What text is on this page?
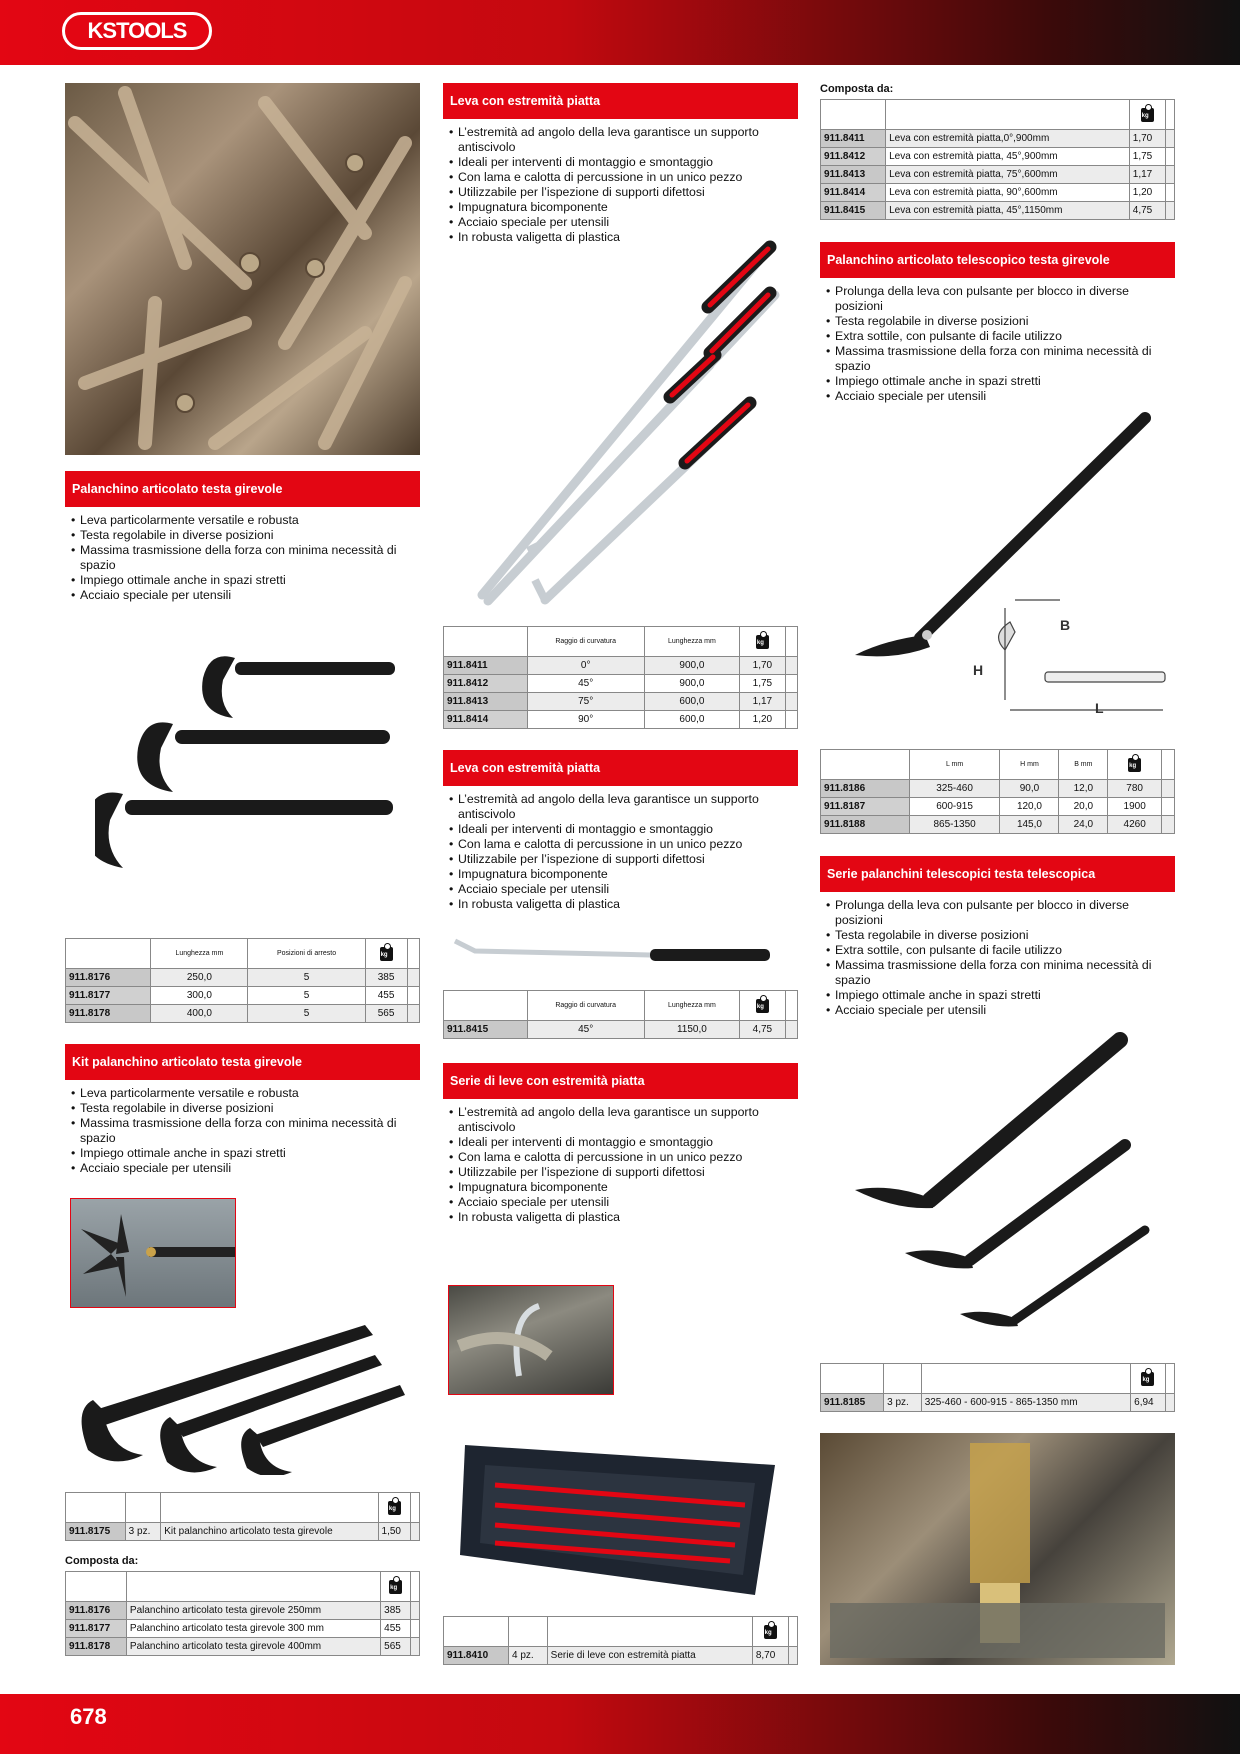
KSTOOLS
Palanchino articolato testa girevole
• Leva particolarmente versatile e robusta
• Testa regolabile in diverse posizioni
• Massima trasmissione della forza con minima necessità di spazio
• Impiego ottimale anche in spazi stretti
• Acciaio speciale per utensili
	Lunghezza mm	Posizioni di arresto	kg	
911.8176	250,0	5	385	
911.8177	300,0	5	455	
911.8178	400,0	5	565	
Kit palanchino articolato testa girevole
• Leva particolarmente versatile e robusta
• Testa regolabile in diverse posizioni
• Massima trasmissione della forza con minima necessità di spazio
• Impiego ottimale anche in spazi stretti
• Acciaio speciale per utensili
			kg	
911.8175	3 pz.	Kit palanchino articolato testa girevole	1,50	
Composta da:
		kg	
911.8176	Palanchino articolato testa girevole 250mm	385	
911.8177	Palanchino articolato testa girevole 300 mm	455	
911.8178	Palanchino articolato testa girevole 400mm	565	
Leva con estremità piatta
• L’estremità ad angolo della leva garantisce un supporto antiscivolo
• Ideali per interventi di montaggio e smontaggio
• Con lama e calotta di percussione in un unico pezzo
• Utilizzabile per l’ispezione di supporti difettosi
• Impugnatura bicomponente
• Acciaio speciale per utensili
• In robusta valigetta di plastica
	Raggio di curvatura	Lunghezza mm	kg	
911.8411	0°	900,0	1,70	
911.8412	45°	900,0	1,75	
911.8413	75°	600,0	1,17	
911.8414	90°	600,0	1,20	
Leva con estremità piatta
• L’estremità ad angolo della leva garantisce un supporto antiscivolo
• Ideali per interventi di montaggio e smontaggio
• Con lama e calotta di percussione in un unico pezzo
• Utilizzabile per l’ispezione di supporti difettosi
• Impugnatura bicomponente
• Acciaio speciale per utensili
• In robusta valigetta di plastica
	Raggio di curvatura	Lunghezza mm	kg	
911.8415	45°	1150,0	4,75	
Serie di leve con estremità piatta
• L’estremità ad angolo della leva garantisce un supporto antiscivolo
• Ideali per interventi di montaggio e smontaggio
• Con lama e calotta di percussione in un unico pezzo
• Utilizzabile per l’ispezione di supporti difettosi
• Impugnatura bicomponente
• Acciaio speciale per utensili
• In robusta valigetta di plastica
			kg	
911.8410	4 pz.	Serie di leve con estremità piatta	8,70	
Composta da:
		kg	
911.8411	Leva con estremità piatta,0°,900mm	1,70	
911.8412	Leva con estremità piatta, 45°,900mm	1,75	
911.8413	Leva con estremità piatta, 75°,600mm	1,17	
911.8414	Leva con estremità piatta, 90°,600mm	1,20	
911.8415	Leva con estremità piatta, 45°,1150mm	4,75	
Palanchino articolato telescopico testa girevole
• Prolunga della leva con pulsante per blocco in diverse posizioni
• Testa regolabile in diverse posizioni
• Extra sottile, con pulsante di facile utilizzo
• Massima trasmissione della forza con minima necessità di spazio
• Impiego ottimale anche in spazi stretti
• Acciaio speciale per utensili
B
H
L
	L mm	H mm	B mm	kg	
911.8186	325-460	90,0	12,0	780	
911.8187	600-915	120,0	20,0	1900	
911.8188	865-1350	145,0	24,0	4260	
Serie palanchini telescopici testa telescopica
• Prolunga della leva con pulsante per blocco in diverse posizioni
• Testa regolabile in diverse posizioni
• Extra sottile, con pulsante di facile utilizzo
• Massima trasmissione della forza con minima necessità di spazio
• Impiego ottimale anche in spazi stretti
• Acciaio speciale per utensili
			kg	
911.8185	3 pz.	325-460 - 600-915 - 865-1350 mm	6,94	
678
